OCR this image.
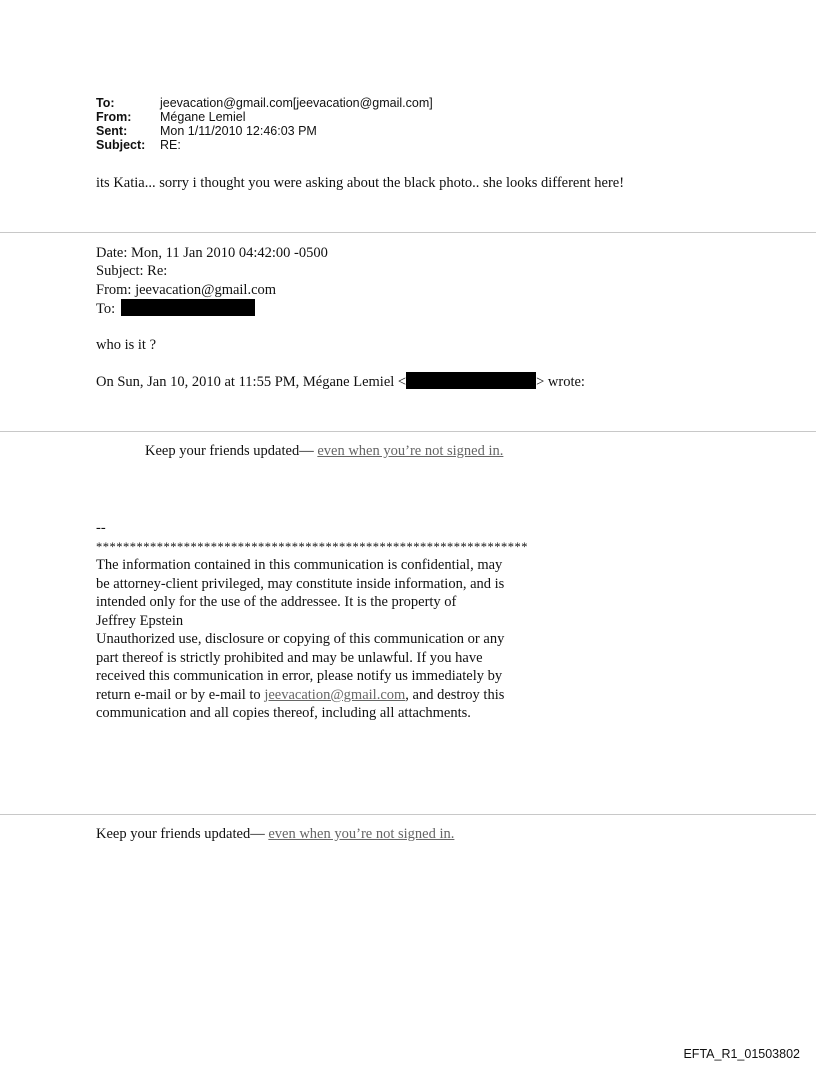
To:	jeevacation@gmail.com[jeevacation@gmail.com]
From:	Mégane Lemiel
Sent:	Mon 1/11/2010 12:46:03 PM
Subject:	RE:
its Katia... sorry i thought you were asking about the black photo.. she looks different here!
Date: Mon, 11 Jan 2010 04:42:00 -0500
Subject: Re:
From: jeevacation@gmail.com
To:
who is it ?
On Sun, Jan 10, 2010 at 11:55 PM, Mégane Lemiel <	> wrote:
Keep your friends updated— even when you’re not signed in.
--
****************************************************************
The information contained in this communication is confidential, may be attorney-client privileged, may constitute inside information, and is intended only for the use of the addressee. It is the property of
Jeffrey Epstein
Unauthorized use, disclosure or copying of this communication or any part thereof is strictly prohibited and may be unlawful. If you have received this communication in error, please notify us immediately by return e-mail or by e-mail to jeevacation@gmail.com, and destroy this communication and all copies thereof, including all attachments.
Keep your friends updated— even when you’re not signed in.
EFTA_R1_01503802
